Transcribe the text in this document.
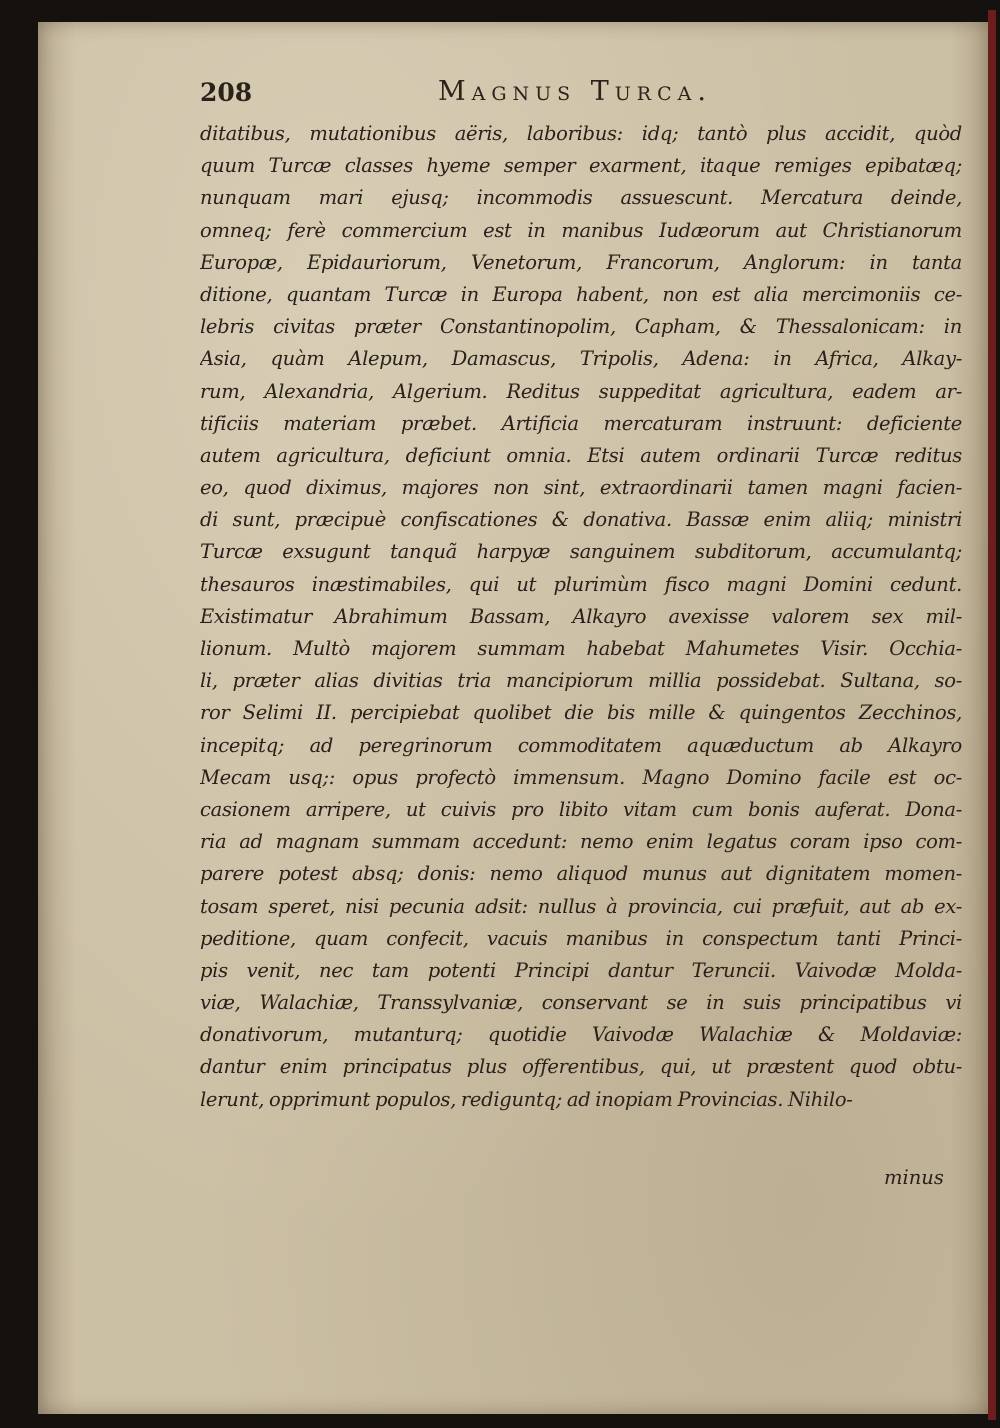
208	Magnus Turca.
ditatibus, mutationibus aëris, laboribus: idq; tantò plus accidit, quòd
quum Turcæ classes hyeme semper exarment, itaque remiges epibatæq;
nunquam mari ejusq; incommodis assuescunt. Mercatura deinde,
omneq; ferè commercium est in manibus Iudæorum aut Christianorum
Europæ, Epidauriorum, Venetorum, Francorum, Anglorum: in tanta
ditione, quantam Turcæ in Europa habent, non est alia mercimoniis ce-
lebris civitas præter Constantinopolim, Capham, & Thessalonicam: in
Asia, quàm Alepum, Damascus, Tripolis, Adena: in Africa, Alkay-
rum, Alexandria, Algerium. Reditus suppeditat agricultura, eadem ar-
tificiis materiam præbet. Artificia mercaturam instruunt: deficiente
autem agricultura, deficiunt omnia. Etsi autem ordinarii Turcæ reditus
eo, quod diximus, majores non sint, extraordinarii tamen magni facien-
di sunt, præcipuè confiscationes & donativa. Bassæ enim aliiq; ministri
Turcæ exsugunt tanquã harpyæ sanguinem subditorum, accumulantq;
thesauros inæstimabiles, qui ut plurimùm fisco magni Domini cedunt.
Existimatur Abrahimum Bassam, Alkayro avexisse valorem sex mil-
lionum. Multò majorem summam habebat Mahumetes Visir. Occhia-
li, præter alias divitias tria mancipiorum millia possidebat. Sultana, so-
ror Selimi II. percipiebat quolibet die bis mille & quingentos Zecchinos,
incepitq; ad peregrinorum commoditatem aquæductum ab Alkayro
Mecam usq;: opus profectò immensum. Magno Domino facile est oc-
casionem arripere, ut cuivis pro libito vitam cum bonis auferat. Dona-
ria ad magnam summam accedunt: nemo enim legatus coram ipso com-
parere potest absq; donis: nemo aliquod munus aut dignitatem momen-
tosam speret, nisi pecunia adsit: nullus à provincia, cui præfuit, aut ab ex-
peditione, quam confecit, vacuis manibus in conspectum tanti Princi-
pis venit, nec tam potenti Principi dantur Teruncii. Vaivodæ Molda-
viæ, Walachiæ, Transsylvaniæ, conservant se in suis principatibus vi
donativorum, mutanturq; quotidie Vaivodæ Walachiæ & Moldaviæ:
dantur enim principatus plus offerentibus, qui, ut præstent quod obtu-
lerunt, opprimunt populos, rediguntq; ad inopiam Provincias. Nihilo-
minus
